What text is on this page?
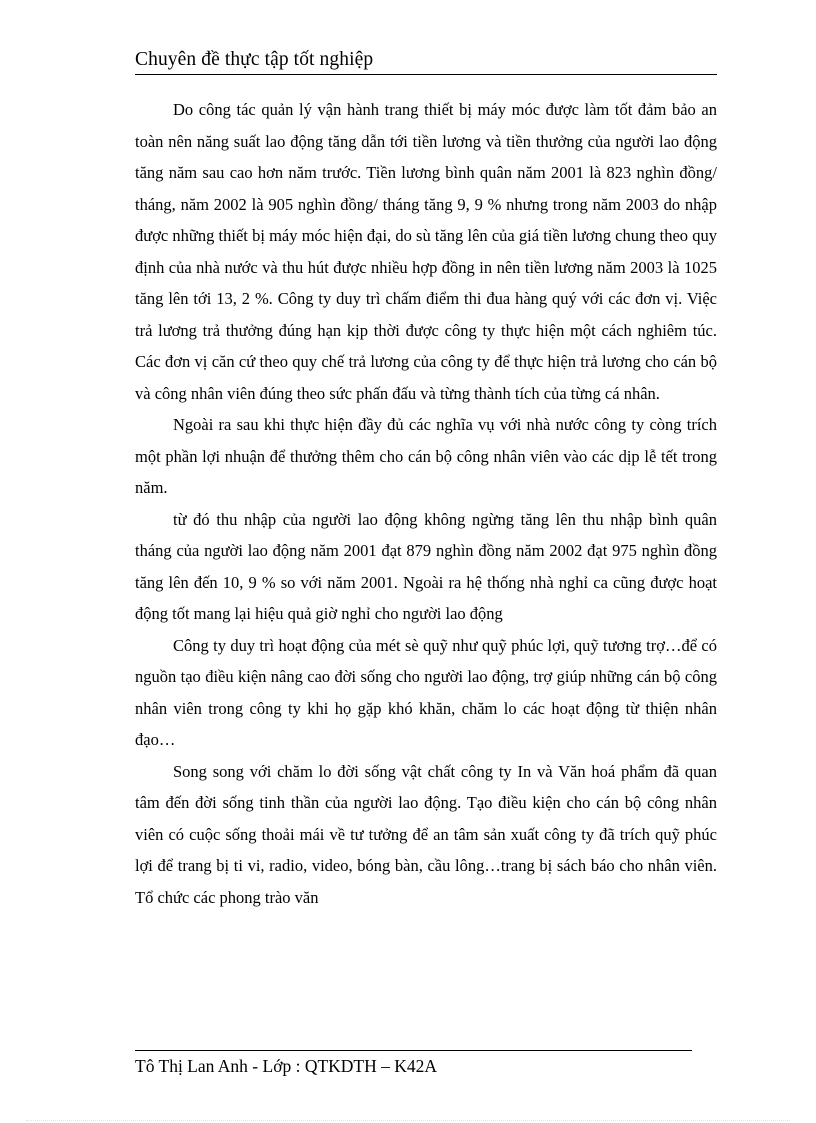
Chuyên đề thực tập tốt nghiệp

Do công tác quản lý vận hành trang thiết bị máy móc được làm tốt đảm bảo an toàn nên năng suất lao động tăng dẫn tới tiền lương và tiền thưởng của người lao động tăng năm sau cao hơn năm trước. Tiền lương bình quân năm 2001 là 823 nghìn đồng/ tháng, năm 2002 là 905 nghìn đồng/ tháng tăng 9, 9 % nhưng trong năm 2003 do nhập được những thiết bị máy móc hiện đại, do sù tăng lên của giá tiền lương chung theo quy định của nhà nước và thu hút được nhiều hợp đồng in nên tiền lương năm 2003 là 1025 tăng lên tới 13, 2 %. Công ty duy trì chấm điểm thi đua hàng quý với các đơn vị. Việc trả lương trả thưởng đúng hạn kịp thời được công ty thực hiện một cách nghiêm túc. Các đơn vị căn cứ theo quy chế trả lương của công ty để thực hiện trả lương cho cán bộ và công nhân viên đúng theo sức phấn đấu và từng thành tích của từng cá nhân.

Ngoài ra sau khi thực hiện đầy đủ các nghĩa vụ với nhà nước công ty còng trích một phần lợi nhuận để thưởng thêm cho cán bộ công nhân viên vào các dịp lễ tết trong năm.

từ đó thu nhập của người lao động không ngừng tăng lên thu nhập bình quân tháng của người lao động năm 2001 đạt 879 nghìn đồng năm 2002 đạt 975 nghìn đồng tăng lên đến 10, 9 % so với năm 2001. Ngoài ra hệ thống nhà nghỉ ca cũng được hoạt động tốt mang lại hiệu quả giờ nghỉ cho người lao động

Công ty duy trì hoạt động của mét sè quỹ như quỹ phúc lợi, quỹ tương trợ…để có nguồn tạo điều kiện nâng cao đời sống cho người lao động, trợ giúp những cán bộ công nhân viên trong công ty khi họ gặp khó khăn, chăm lo các hoạt động từ thiện nhân đạo…

Song song với chăm lo đời sống vật chất công ty In và Văn hoá phẩm đã quan tâm đến đời sống tinh thần của người lao động. Tạo điều kiện cho cán bộ công nhân viên có cuộc sống thoải mái về tư tưởng để an tâm sản xuất công ty đã trích quỹ phúc lợi để trang bị ti vi, radio, video, bóng bàn, cầu lông…trang bị sách báo cho nhân viên. Tổ chức các phong trào văn

Tô Thị Lan Anh - Lớp : QTKDTH – K42A
